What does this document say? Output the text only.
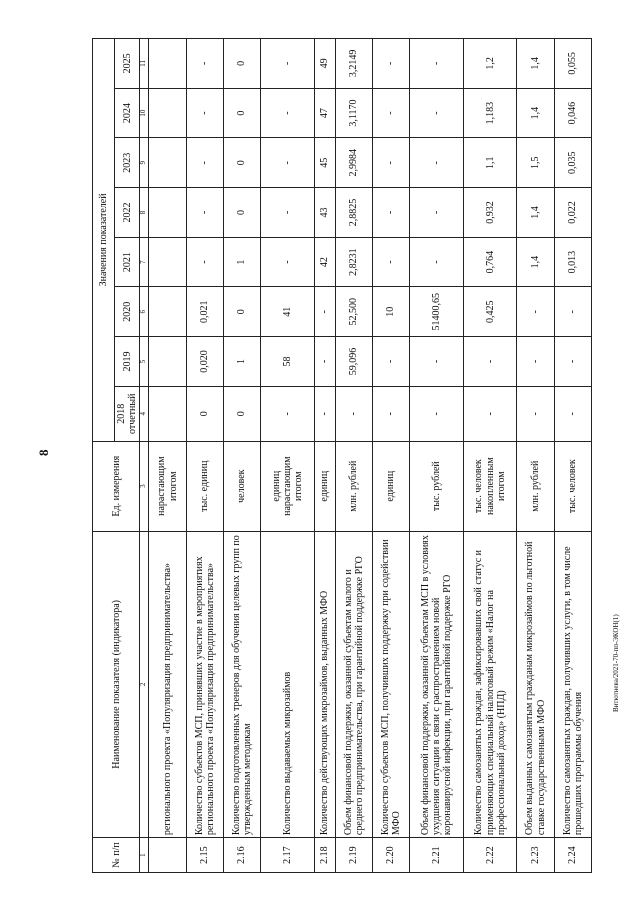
8
Витютнева/2021-70-пп-ЭКОН(1)
№ п/п	Наименование показателя (индикатора)	Ед. измерения	Значения показателей							
			2018 отчетный	2019	2020	2021	2022	2023	2024	2025
1	2	3	4	5	6	7	8	9	10	11
	регионального проекта «Популяризация предпринимательства»	нарастающим итогом								
2.15	Количество субъектов МСП, принявших участие в мероприятиях регионального проекта «Популяризация предпринимательства»	тыс. единиц	0	0,020	0,021	-	-	-	-	-
2.16	Количество подготовленных тренеров для обучения целевых групп по утвержденным методикам	человек	0	1	0	1	0	0	0	0
2.17	Количество выдаваемых микрозаймов	единиц нарастающим итогом	-	58	41	-	-	-	-	-
2.18	Количество действующих микрозаймов, выданных МФО	единиц	-	-	-	42	43	45	47	49
2.19	Объем финансовой поддержки, оказанной субъектам малого и среднего предпринимательства, при гарантийной поддержке РГО	млн. рублей	-	59,096	52,500	2,8231	2,8825	2,9984	3,1170	3,2149
2.20	Количество субъектов МСП, получивших поддержку при содействии МФО	единиц	-	-	10	-	-	-	-	-
2.21	Объем финансовой поддержки, оказанной субъектам МСП в условиях ухудшения ситуации в связи с распространением новой коронавирусной инфекции, при гарантийной поддержке РГО	тыс. рублей	-	-	51400,65	-	-	-	-	-
2.22	Количество самозанятых граждан, зафиксировавших свой статус и применяющих специальный налоговый режим «Налог на профессиональный доход» (НПД)	тыс. человек накопленным итогом	-	-	0,425	0,764	0,932	1,1	1,183	1,2
2.23	Объем выданных самозанятым гражданам микрозаймов по льготной ставке государственными МФО	млн. рублей	-	-	-	1,4	1,4	1,5	1,4	1,4
2.24	Количество самозанятых граждан, получивших услуги, в том числе прошедших программы обучения	тыс. человек	-	-	-	0,013	0,022	0,035	0,046	0,055
